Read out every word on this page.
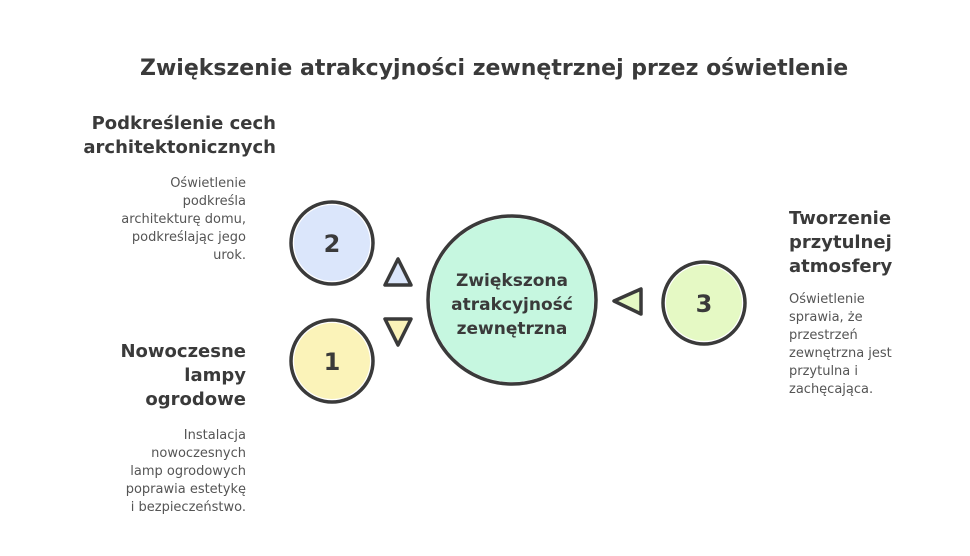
Zwiększenie atrakcyjności zewnętrznej przez oświetlenie
Zwiększona
atrakcyjność
zewnętrzna
2
1
3
Podkreślenie cech
architektonicznych
Oświetlenie
podkreśla
architekturę domu,
podkreślając jego
urok.
Nowoczesne
lampy
ogrodowe
Instalacja
nowoczesnych
lamp ogrodowych
poprawia estetykę
i bezpieczeństwo.
Tworzenie
przytulnej
atmosfery
Oświetlenie
sprawia, że
przestrzeń
zewnętrzna jest
przytulna i
zachęcająca.
